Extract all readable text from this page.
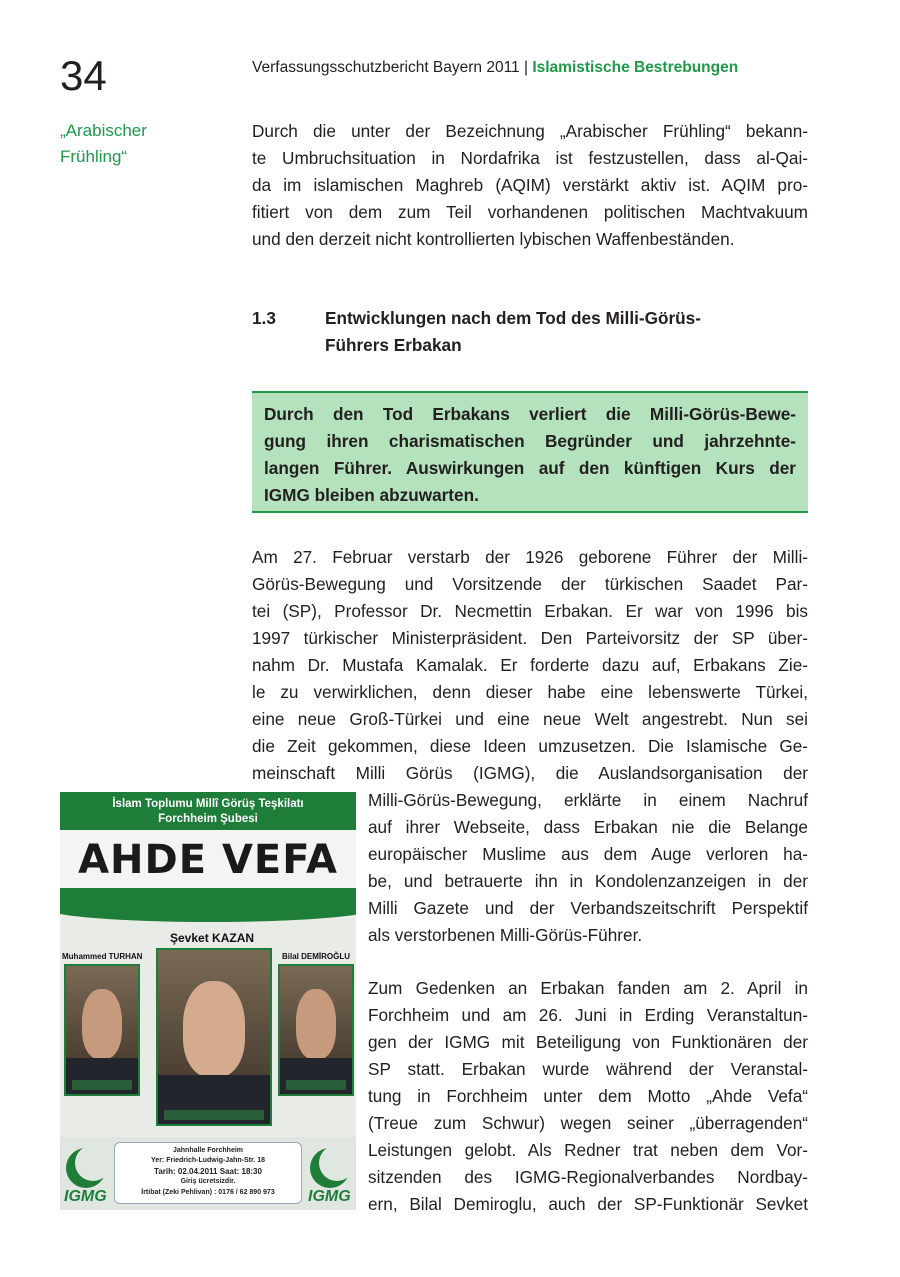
34	Verfassungsschutzbericht Bayern 2011 | Islamistische Bestrebungen
„Arabischer
Frühling“
Durch die unter der Bezeichnung „Arabischer Frühling“ bekann-
te Umbruchsituation in Nordafrika ist festzustellen, dass al-Qai-
da im islamischen Maghreb (AQIM) verstärkt aktiv ist. AQIM pro-
fitiert von dem zum Teil vorhandenen politischen Machtvakuum
und den derzeit nicht kontrollierten lybischen Waffenbeständen.
1.3	Entwicklungen nach dem Tod des Milli-Görüs-
Führers Erbakan
Durch den Tod Erbakans verliert die Milli-Görüs-Bewe-
gung ihren charismatischen Begründer und jahrzehnte-
langen Führer. Auswirkungen auf den künftigen Kurs der
IGMG bleiben abzuwarten.
Am 27. Februar verstarb der 1926 geborene Führer der Milli-
Görüs-Bewegung und Vorsitzende der türkischen Saadet Par-
tei (SP), Professor Dr. Necmettin Erbakan. Er war von 1996 bis
1997 türkischer Ministerpräsident. Den Parteivorsitz der SP über-
nahm Dr. Mustafa Kamalak. Er forderte dazu auf, Erbakans Zie-
le zu verwirklichen, denn dieser habe eine lebenswerte Türkei,
eine neue Groß-Türkei und eine neue Welt angestrebt. Nun sei
die Zeit gekommen, diese Ideen umzusetzen. Die Islamische Ge-
meinschaft Milli Görüs (IGMG), die Auslandsorganisation der
Milli-Görüs-Bewegung, erklärte in einem Nachruf
auf ihrer Webseite, dass Erbakan nie die Belange
europäischer Muslime aus dem Auge verloren ha-
be, und betrauerte ihn in Kondolenzanzeigen in der
Milli Gazete und der Verbandszeitschrift Perspektif
als verstorbenen Milli-Görüs-Führer.
Zum Gedenken an Erbakan fanden am 2. April in
Forchheim und am 26. Juni in Erding Veranstaltun-
gen der IGMG mit Beteiligung von Funktionären der
SP statt. Erbakan wurde während der Veranstal-
tung in Forchheim unter dem Motto „Ahde Vefa“
(Treue zum Schwur) wegen seiner „überragenden“
Leistungen gelobt. Als Redner trat neben dem Vor-
sitzenden des IGMG-Regionalverbandes Nordbay-
ern, Bilal Demiroglu, auch der SP-Funktionär Sevket
İslam Toplumu Millî Görüş Teşkilatı
Forchheim Şubesi
AHDE VEFA
Muhammed TURHAN
Şevket KAZAN
Bilal DEMİROĞLU
Jahnhalle Forchheim
Yer: Friedrich-Ludwig-Jahn-Str. 18
Tarih: 02.04.2011 Saat: 18:30
Giriş ücretsizdir.
İrtibat (Zeki Pehlivan) : 0176 / 62 890 973
IGMG	IGMG
